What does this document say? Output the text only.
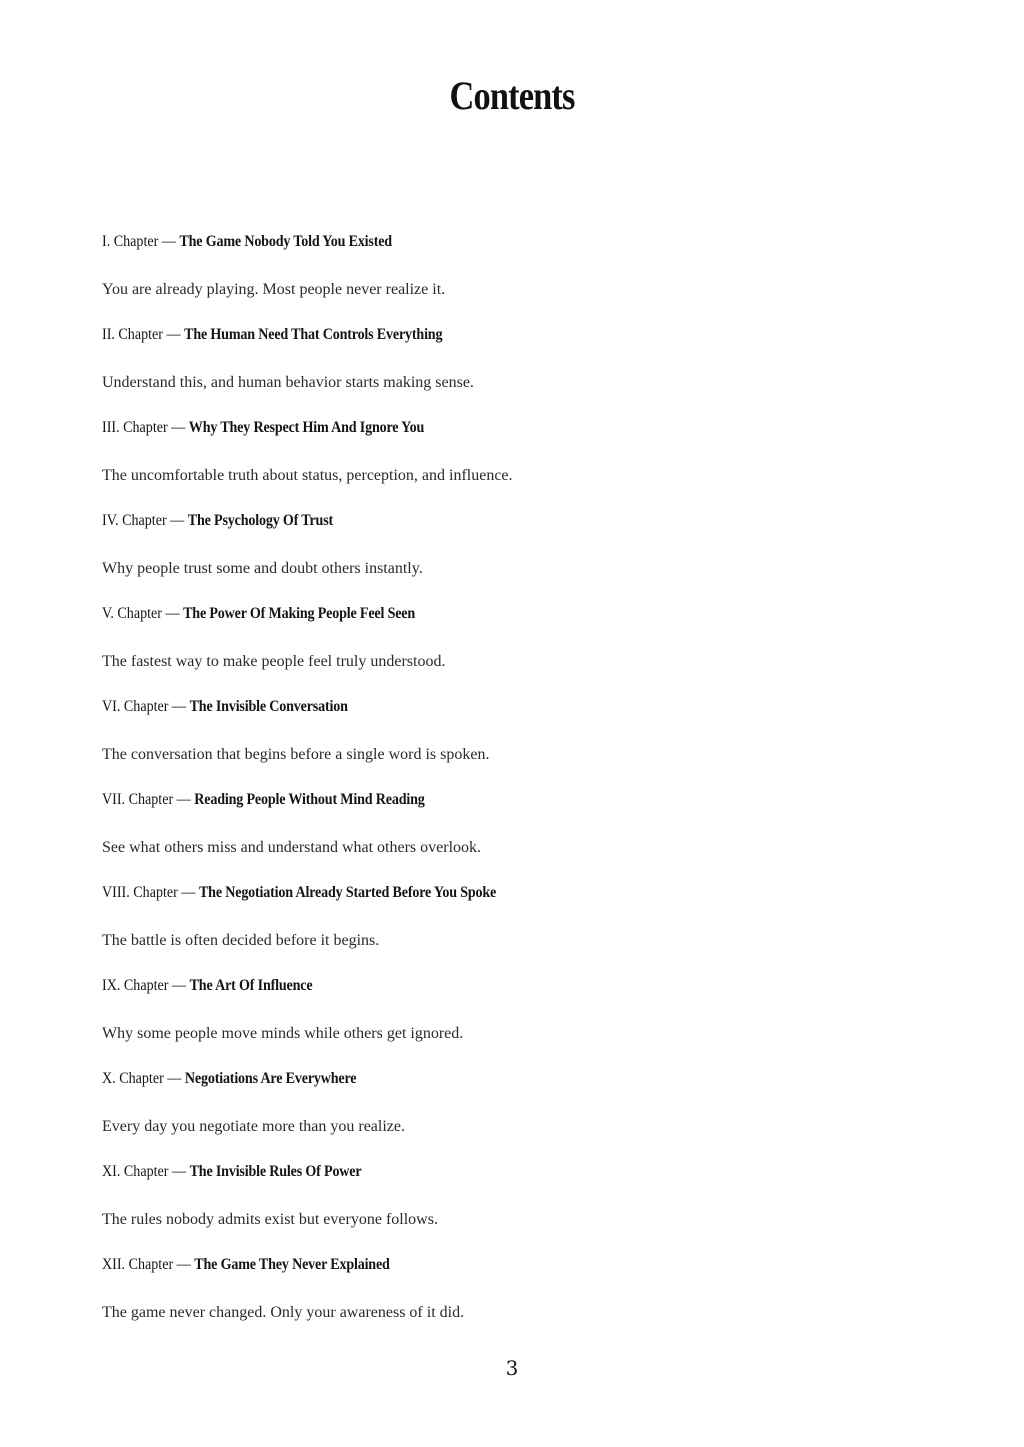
Contents
I. Chapter — The Game Nobody Told You Existed
You are already playing. Most people never realize it.
II. Chapter — The Human Need That Controls Everything
Understand this, and human behavior starts making sense.
III. Chapter — Why They Respect Him And Ignore You
The uncomfortable truth about status, perception, and influence.
IV. Chapter — The Psychology Of Trust
Why people trust some and doubt others instantly.
V. Chapter — The Power Of Making People Feel Seen
The fastest way to make people feel truly understood.
VI. Chapter — The Invisible Conversation
The conversation that begins before a single word is spoken.
VII. Chapter — Reading People Without Mind Reading
See what others miss and understand what others overlook.
VIII. Chapter — The Negotiation Already Started Before You Spoke
The battle is often decided before it begins.
IX. Chapter — The Art Of Influence
Why some people move minds while others get ignored.
X. Chapter — Negotiations Are Everywhere
Every day you negotiate more than you realize.
XI. Chapter — The Invisible Rules Of Power
The rules nobody admits exist but everyone follows.
XII. Chapter — The Game They Never Explained
The game never changed. Only your awareness of it did.
3
